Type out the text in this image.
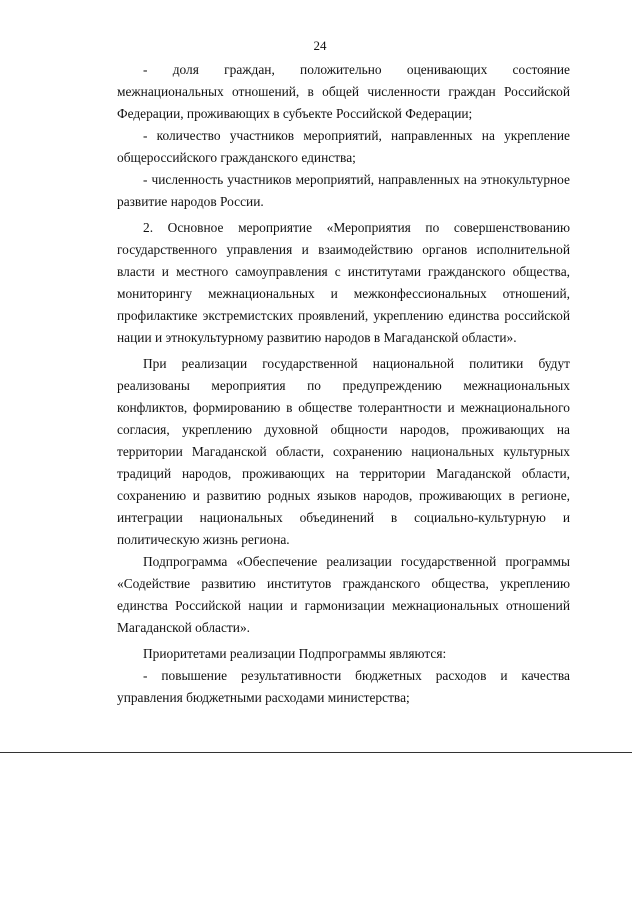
24

- доля граждан, положительно оценивающих состояние межнациональных отношений, в общей численности граждан Российской Федерации, проживающих в субъекте Российской Федерации;

- количество участников мероприятий, направленных на укрепление общероссийского гражданского единства;

- численность участников мероприятий, направленных на этнокультурное развитие народов России.

2. Основное мероприятие «Мероприятия по совершенствованию государственного управления и взаимодействию органов исполнительной власти и местного самоуправления с институтами гражданского общества, мониторингу межнациональных и межконфессиональных отношений, профилактике экстремистских проявлений, укреплению единства российской нации и этнокультурному развитию народов в Магаданской области».

При реализации государственной национальной политики будут реализованы мероприятия по предупреждению межнациональных конфликтов, формированию в обществе толерантности и межнационального согласия, укреплению духовной общности народов, проживающих на территории Магаданской области, сохранению национальных культурных традиций народов, проживающих на территории Магаданской области, сохранению и развитию родных языков народов, проживающих в регионе, интеграции национальных объединений в социально-культурную и политическую жизнь региона.

Подпрограмма «Обеспечение реализации государственной программы «Содействие развитию институтов гражданского общества, укреплению единства Российской нации и гармонизации межнациональных отношений Магаданской области».

Приоритетами реализации Подпрограммы являются:

- повышение результативности бюджетных расходов и качества управления бюджетными расходами министерства;
